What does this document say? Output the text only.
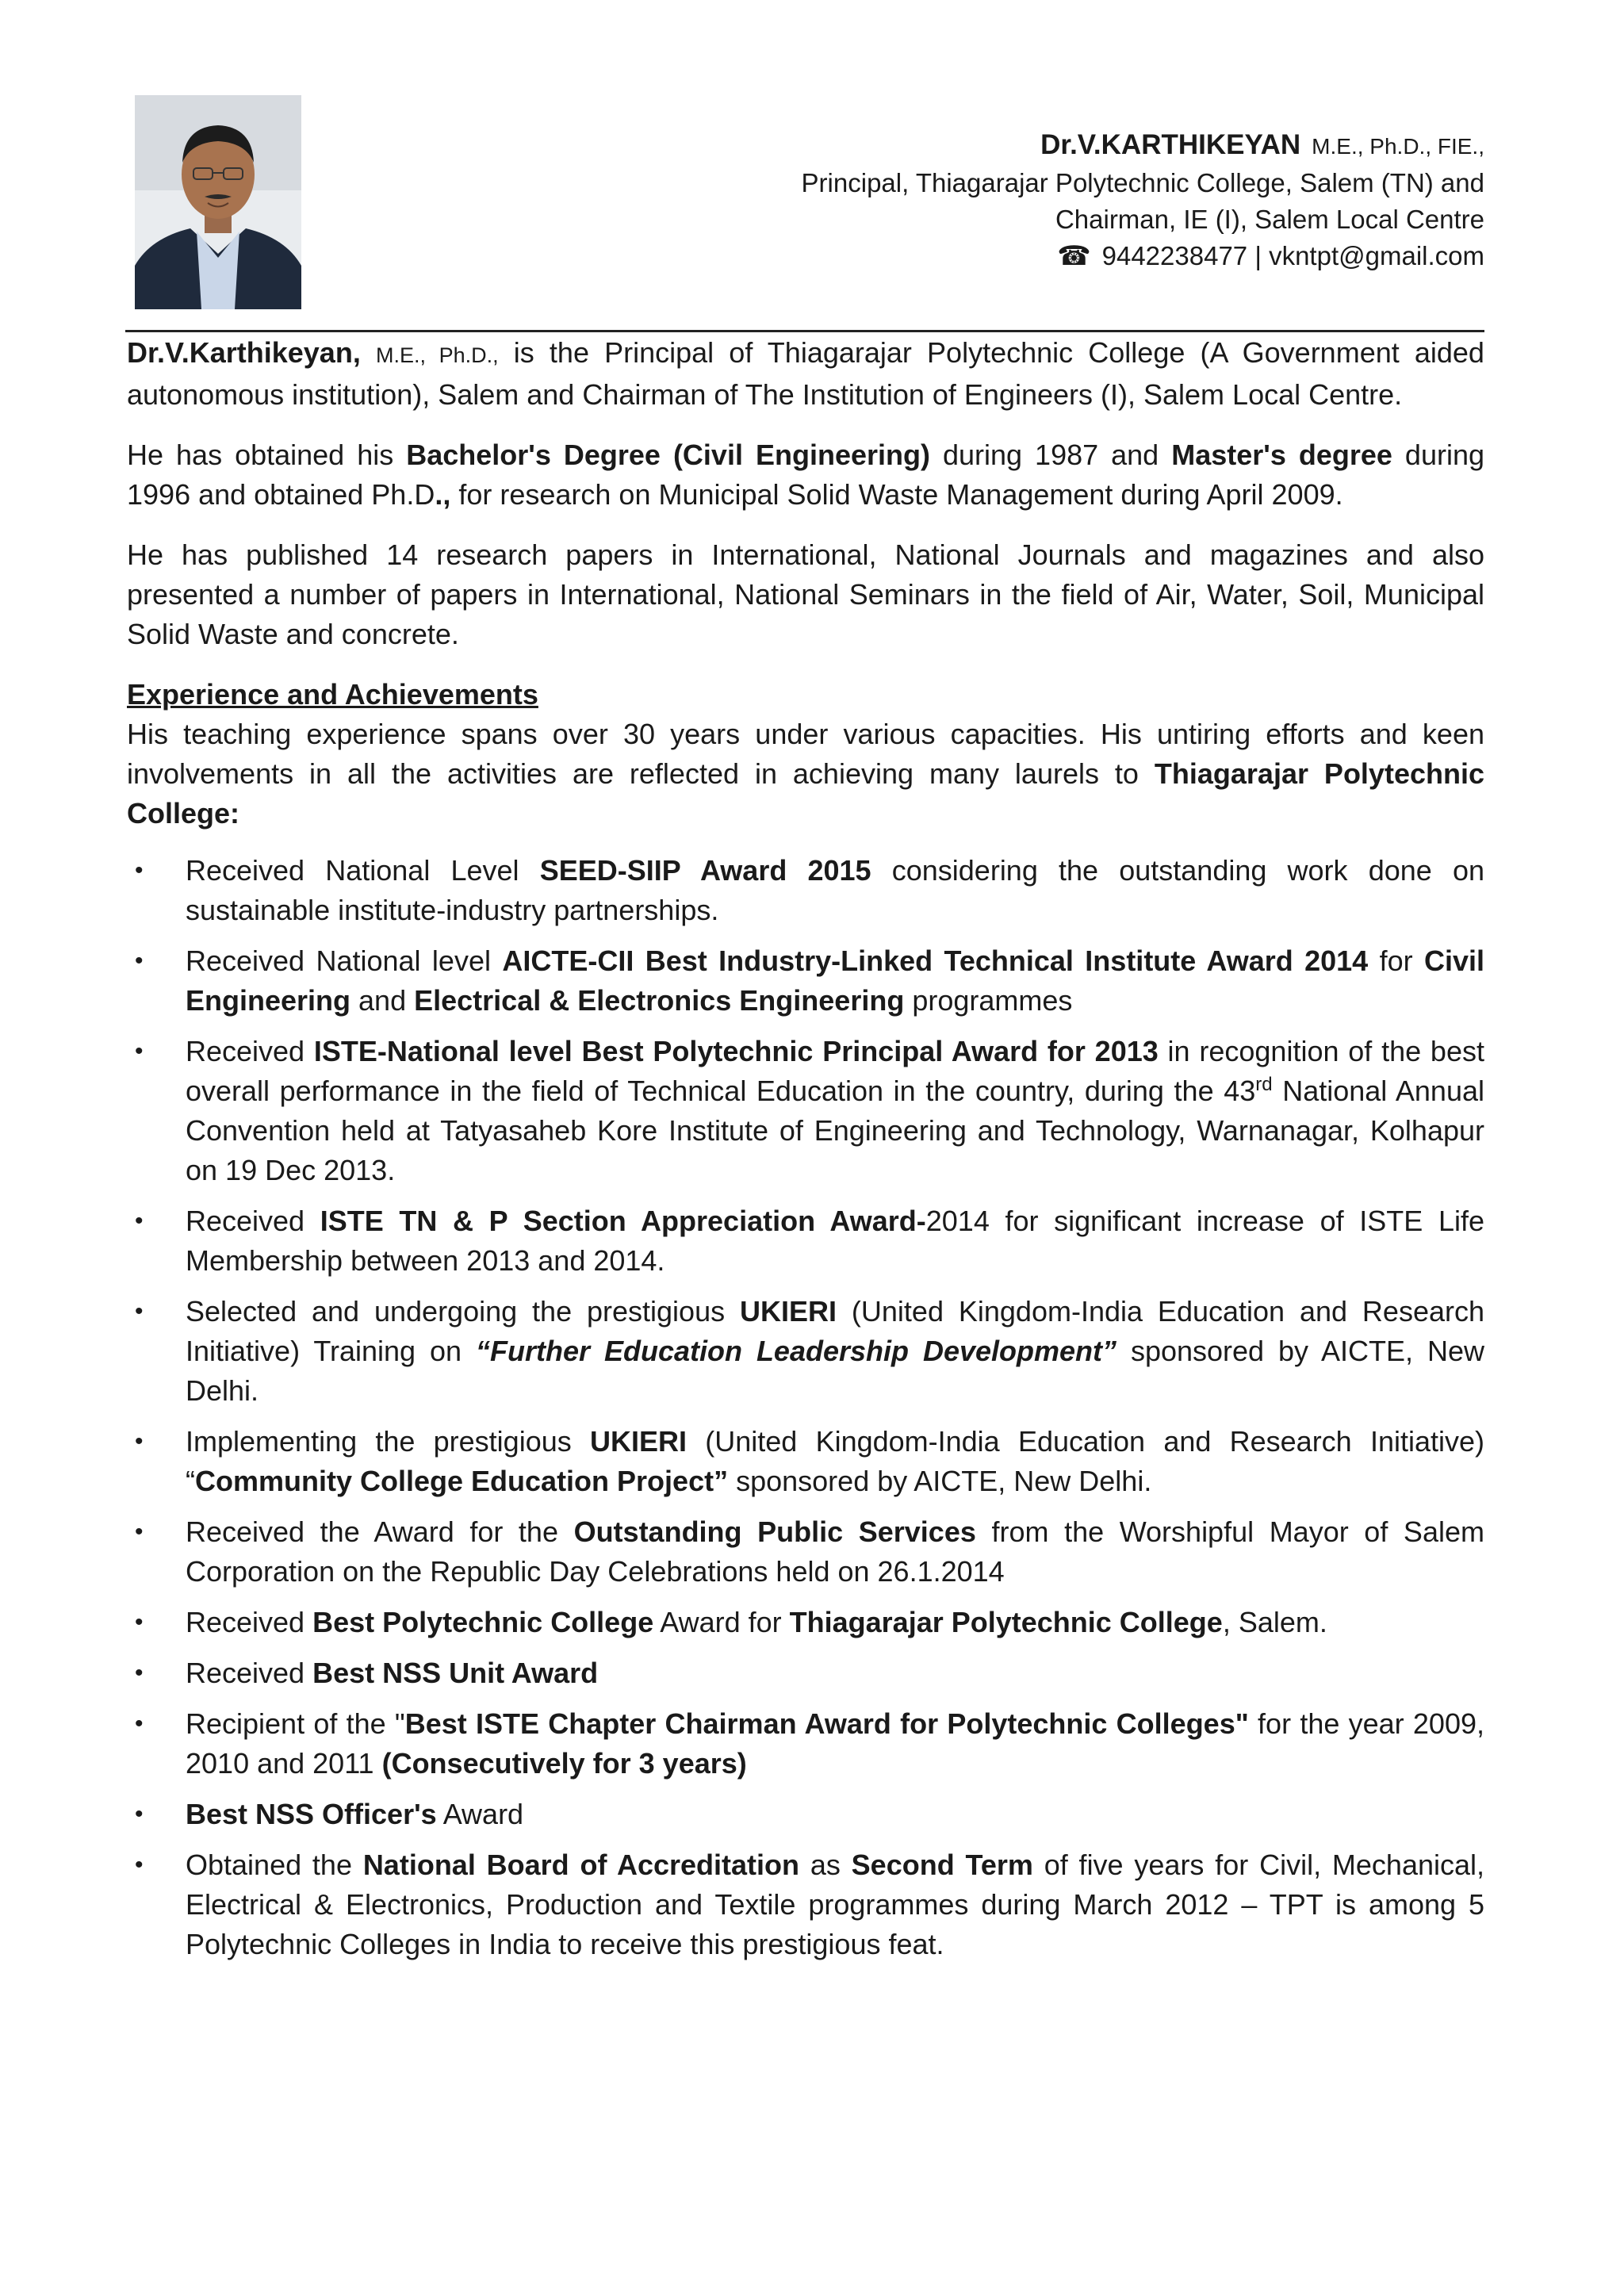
Dr.V.KARTHIKEYAN M.E., Ph.D., FIE.,
Principal, Thiagarajar Polytechnic College, Salem (TN) and
Chairman, IE (I), Salem Local Centre
☎ 9442238477 | vkntpt@gmail.com

Dr.V.Karthikeyan, M.E., Ph.D., is the Principal of Thiagarajar Polytechnic College (A Government aided autonomous institution), Salem and Chairman of The Institution of Engineers (I), Salem Local Centre.

He has obtained his Bachelor's Degree (Civil Engineering) during 1987 and Master's degree during 1996 and obtained Ph.D., for research on Municipal Solid Waste Management during April 2009.

He has published 14 research papers in International, National Journals and magazines and also presented a number of papers in International, National Seminars in the field of Air, Water, Soil, Municipal Solid Waste and concrete.

Experience and Achievements

His teaching experience spans over 30 years under various capacities. His untiring efforts and keen involvements in all the activities are reflected in achieving many laurels to Thiagarajar Polytechnic College:

• Received National Level SEED-SIIP Award 2015 considering the outstanding work done on sustainable institute-industry partnerships.
• Received National level AICTE-CII Best Industry-Linked Technical Institute Award 2014 for Civil Engineering and Electrical & Electronics Engineering programmes
• Received ISTE-National level Best Polytechnic Principal Award for 2013 in recognition of the best overall performance in the field of Technical Education in the country, during the 43rd National Annual Convention held at Tatyasaheb Kore Institute of Engineering and Technology, Warnanagar, Kolhapur on 19 Dec 2013.
• Received ISTE TN & P Section Appreciation Award-2014 for significant increase of ISTE Life Membership between 2013 and 2014.
• Selected and undergoing the prestigious UKIERI (United Kingdom-India Education and Research Initiative) Training on “Further Education Leadership Development” sponsored by AICTE, New Delhi.
• Implementing the prestigious UKIERI (United Kingdom-India Education and Research Initiative) “Community College Education Project” sponsored by AICTE, New Delhi.
• Received the Award for the Outstanding Public Services from the Worshipful Mayor of Salem Corporation on the Republic Day Celebrations held on 26.1.2014
• Received Best Polytechnic College Award for Thiagarajar Polytechnic College, Salem.
• Received Best NSS Unit Award
• Recipient of the "Best ISTE Chapter Chairman Award for Polytechnic Colleges" for the year 2009, 2010 and 2011 (Consecutively for 3 years)
• Best NSS Officer's Award
• Obtained the National Board of Accreditation as Second Term of five years for Civil, Mechanical, Electrical & Electronics, Production and Textile programmes during March 2012 – TPT is among 5 Polytechnic Colleges in India to receive this prestigious feat.
